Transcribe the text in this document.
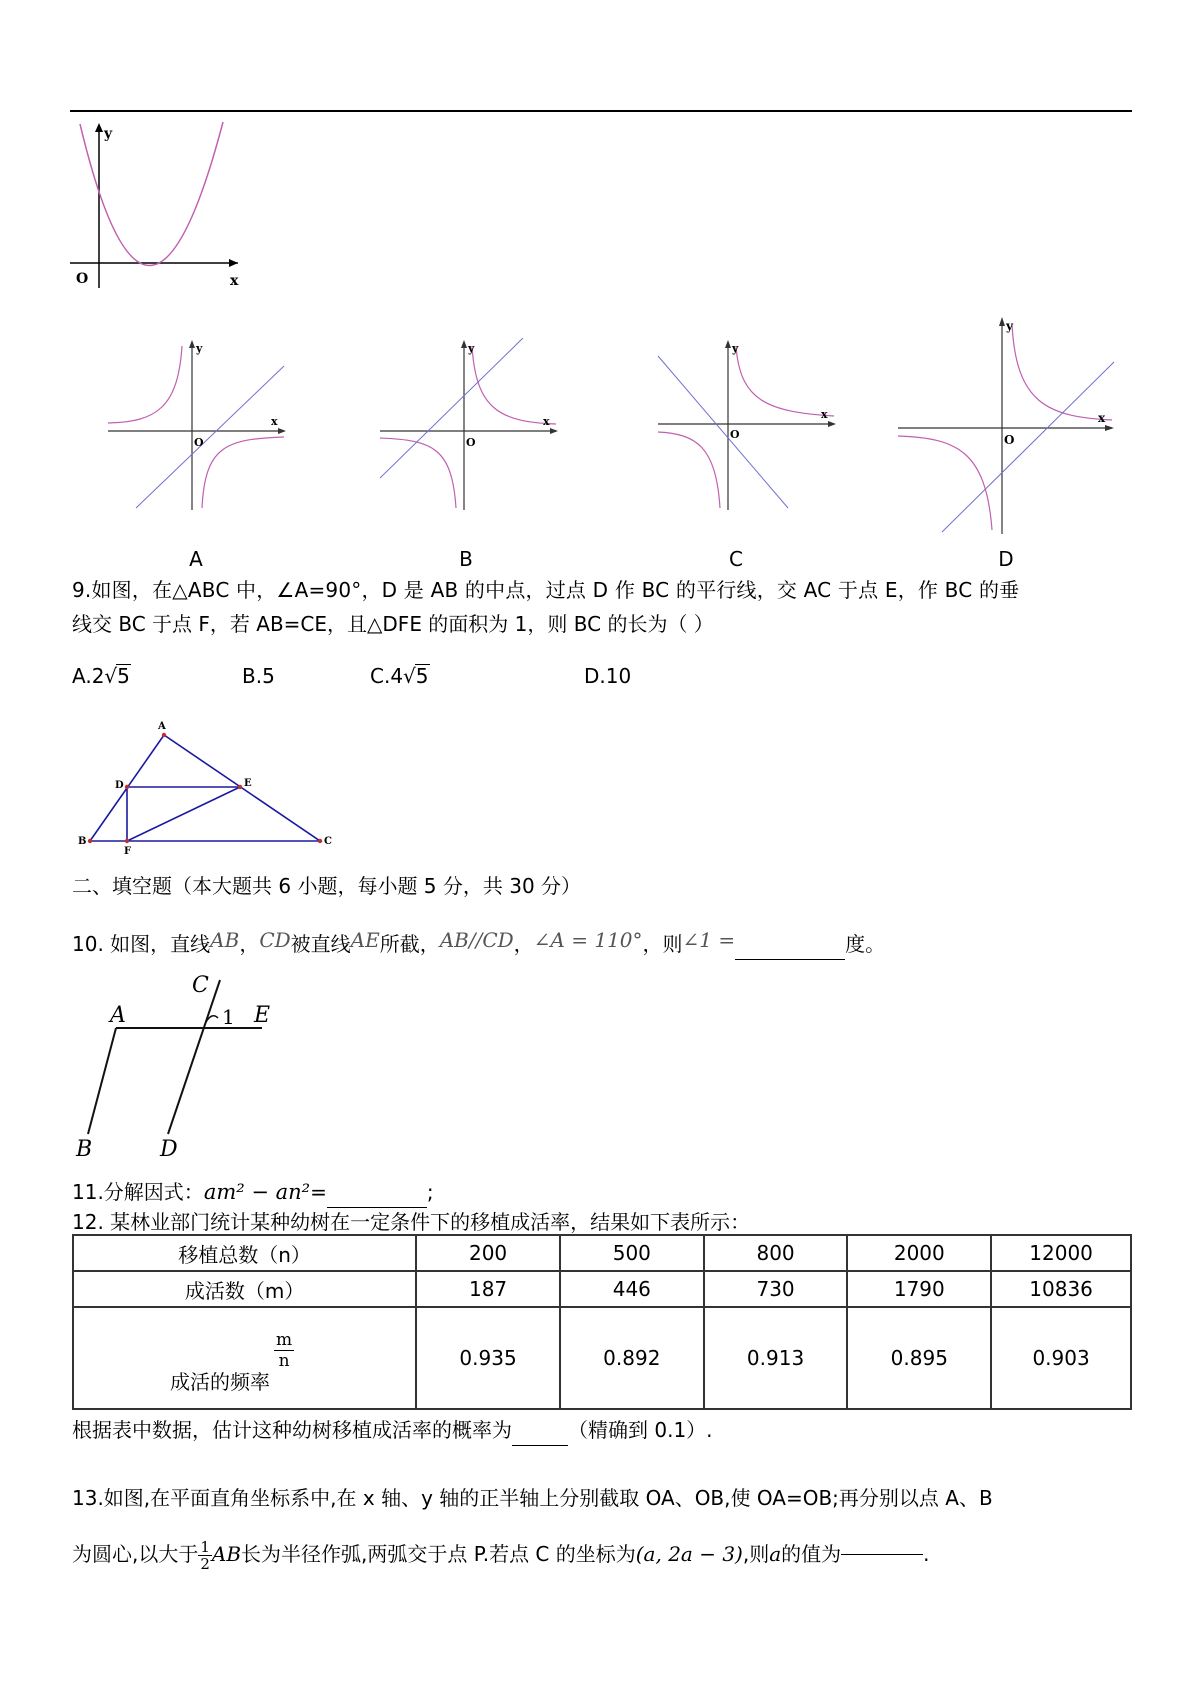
y
x
O
y
x
O
y
x
O
y
x
O
y
x
O
A	B	C	D
9.如图，在△ABC 中，∠A=90°，D 是 AB 的中点，过点 D 作 BC 的平行线，交 AC 于点 E，作 BC 的垂
线交 BC 于点 F，若 AB=CE，且△DFE 的面积为 1，则 BC 的长为（ ）
A.2√5	B.5	C.4√5	D.10
A
B	C
D	E
F
二、填空题（本大题共 6 小题，每小题 5 分，共 30 分）
10. 如图，直线AB，CD被直线AE所截，AB//CD，∠A = 110°，则∠1 =	度。
C
A	1 E
B	D
11.分解因式：am² − an²=	;
12. 某林业部门统计某种幼树在一定条件下的移植成活率，结果如下表所示：
移植总数（n）	200	500	800	2000	12000
成活数（m）	187	446	730	1790	10836

$\frac{m}{n}$
成活的频率	0.935	0.892	0.913	0.895	0.903
根据表中数据，估计这种幼树移植成活率的概率为	（精确到 0.1）.
13.如图,在平面直角坐标系中,在 x 轴、y 轴的正半轴上分别截取 OA、OB,使 OA=OB;再分别以点 A、B
为圆心,以大于 $\frac{1}{2}$ AB长为半径作弧,两弧交于点 P.若点 C 的坐标为(a, 2a − 3),则a的值为	.
